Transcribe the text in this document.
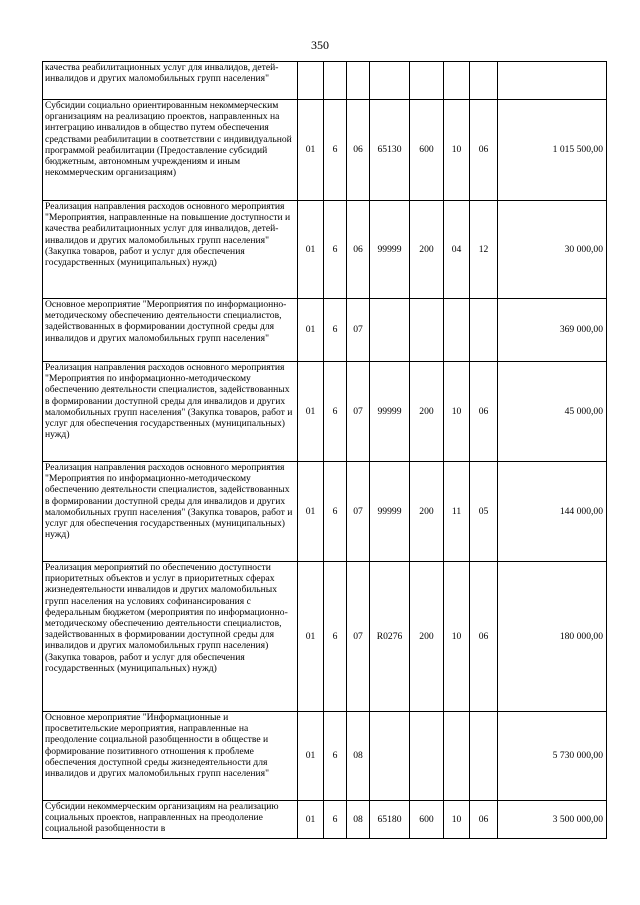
350
качества реабилитационных услуг для инвалидов, детей-инвалидов и других маломобильных групп населения"								
Субсидии социально ориентированным некоммерческим организациям на реализацию проектов, направленных на интеграцию инвалидов в общество путем обеспечения средствами реабилитации в соответствии с индивидуальной программой реабилитации (Предоставление субсидий бюджетным, автономным учреждениям и иным некоммерческим организациям)	01	6	06	65130	600	10	06	1 015 500,00
Реализация направления расходов основного мероприятия "Мероприятия, направленные на повышение доступности и качества реабилитационных услуг для инвалидов, детей-инвалидов и других маломобильных групп населения" (Закупка товаров, работ и услуг для обеспечения государственных (муниципальных) нужд)	01	6	06	99999	200	04	12	30 000,00
Основное мероприятие "Мероприятия по информационно-методическому обеспечению деятельности специалистов, задействованных в формировании доступной среды для инвалидов и других маломобильных групп населения"	01	6	07					369 000,00
Реализация направления расходов основного мероприятия "Мероприятия по информационно-методическому обеспечению деятельности специалистов, задействованных в формировании доступной среды для инвалидов и других маломобильных групп населения" (Закупка товаров, работ и услуг для обеспечения государственных (муниципальных) нужд)	01	6	07	99999	200	10	06	45 000,00
Реализация направления расходов основного мероприятия "Мероприятия по информационно-методическому обеспечению деятельности специалистов, задействованных в формировании доступной среды для инвалидов и других маломобильных групп населения" (Закупка товаров, работ и услуг для обеспечения государственных (муниципальных) нужд)	01	6	07	99999	200	11	05	144 000,00
Реализация мероприятий по обеспечению доступности приоритетных объектов и услуг в приоритетных сферах жизнедеятельности инвалидов и других маломобильных групп населения на условиях софинансирования с федеральным бюджетом (мероприятия по информационно-методическому обеспечению деятельности специалистов, задействованных в формировании доступной среды для инвалидов и других маломобильных групп населения) (Закупка товаров, работ и услуг для обеспечения государственных (муниципальных) нужд)	01	6	07	R0276	200	10	06	180 000,00
Основное мероприятие "Информационные и просветительские мероприятия, направленные на преодоление социальной разобщенности в обществе и формирование позитивного отношения к проблеме обеспечения доступной среды жизнедеятельности для инвалидов и других маломобильных групп населения"	01	6	08					5 730 000,00
Субсидии некоммерческим организациям на реализацию социальных проектов, направленных на преодоление социальной разобщенности в	01	6	08	65180	600	10	06	3 500 000,00
